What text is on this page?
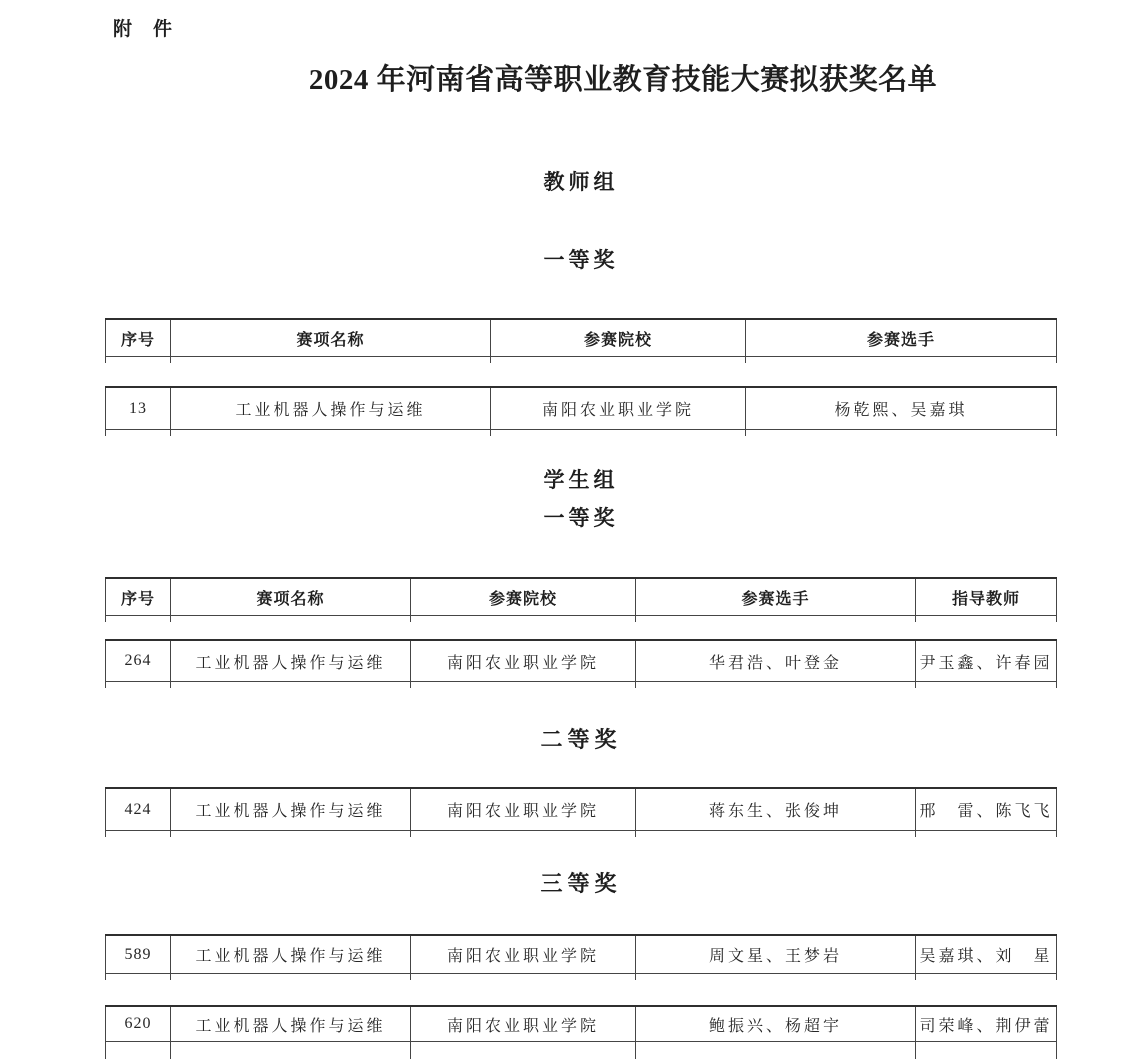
附　件
2024 年河南省高等职业教育技能大赛拟获奖名单
教师组
一等奖
序号	赛项名称	参赛院校	参赛选手

13	工业机器人操作与运维	南阳农业职业学院	杨乾熙、吴嘉琪

学生组
一等奖
序号	赛项名称	参赛院校	参赛选手	指导教师

264	工业机器人操作与运维	南阳农业职业学院	华君浩、叶登金	尹玉鑫、许春园

二等奖
424	工业机器人操作与运维	南阳农业职业学院	蒋东生、张俊坤	邢　雷、陈飞飞

三等奖
589	工业机器人操作与运维	南阳农业职业学院	周文星、王梦岩	吴嘉琪、刘　星

620	工业机器人操作与运维	南阳农业职业学院	鲍振兴、杨超宇	司荣峰、荆伊蕾
